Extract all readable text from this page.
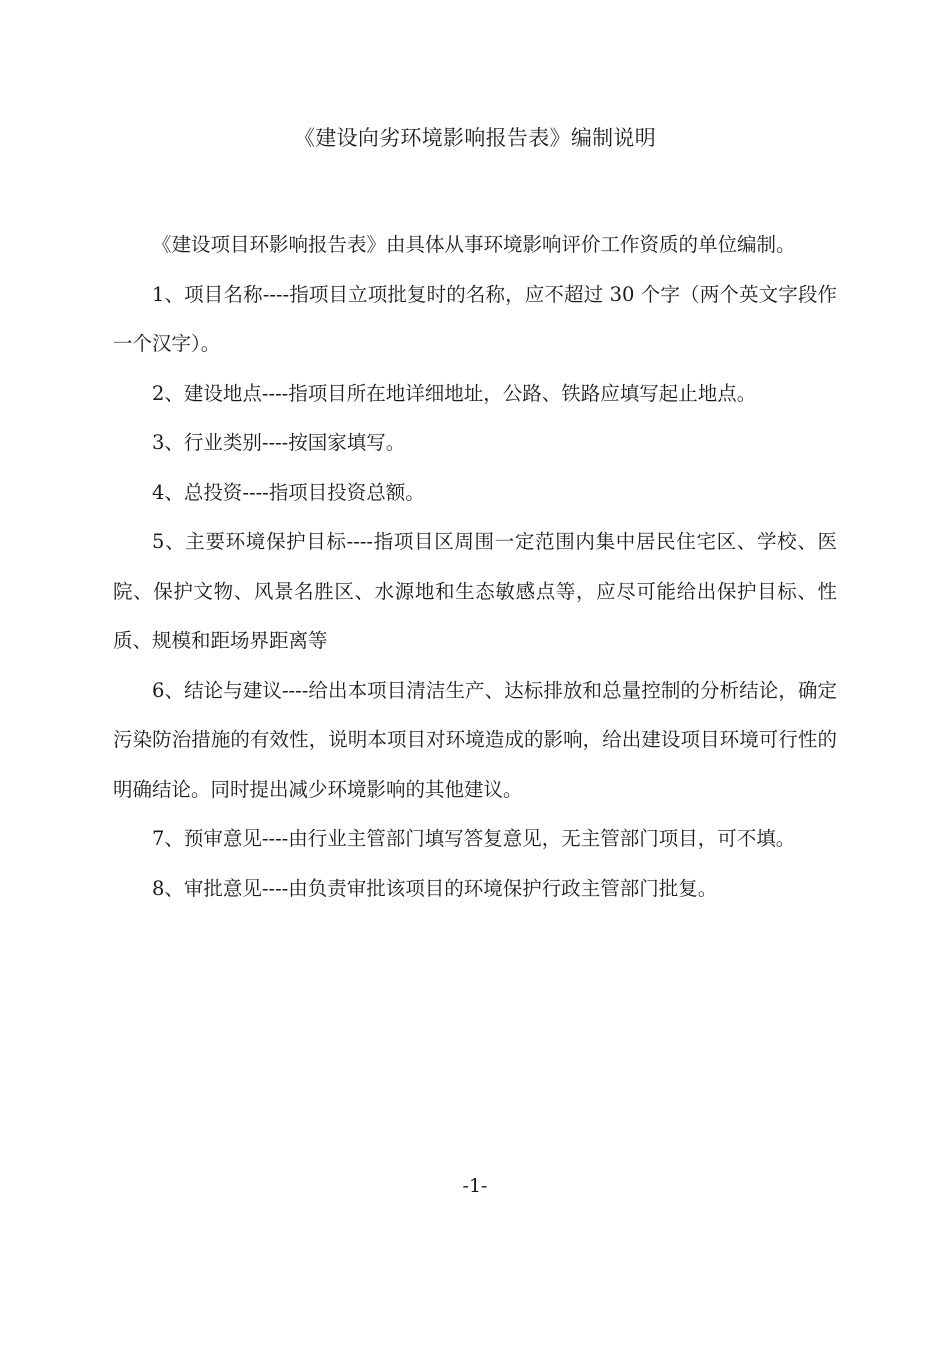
《建设向劣环境影响报告表》编制说明

《建设项目环影响报告表》由具体从事环境影响评价工作资质的单位编制。

1、项目名称----指项目立项批复时的名称，应不超过 30 个字（两个英文字段作一个汉字）。

2、建设地点----指项目所在地详细地址，公路、铁路应填写起止地点。

3、行业类别----按国家填写。

4、总投资----指项目投资总额。

5、主要环境保护目标----指项目区周围一定范围内集中居民住宅区、学校、医院、保护文物、风景名胜区、水源地和生态敏感点等，应尽可能给出保护目标、性质、规模和距场界距离等

6、结论与建议----给出本项目清洁生产、达标排放和总量控制的分析结论，确定污染防治措施的有效性，说明本项目对环境造成的影响，给出建设项目环境可行性的明确结论。同时提出减少环境影响的其他建议。

7、预审意见----由行业主管部门填写答复意见，无主管部门项目，可不填。

8、审批意见----由负责审批该项目的环境保护行政主管部门批复。

-1-
